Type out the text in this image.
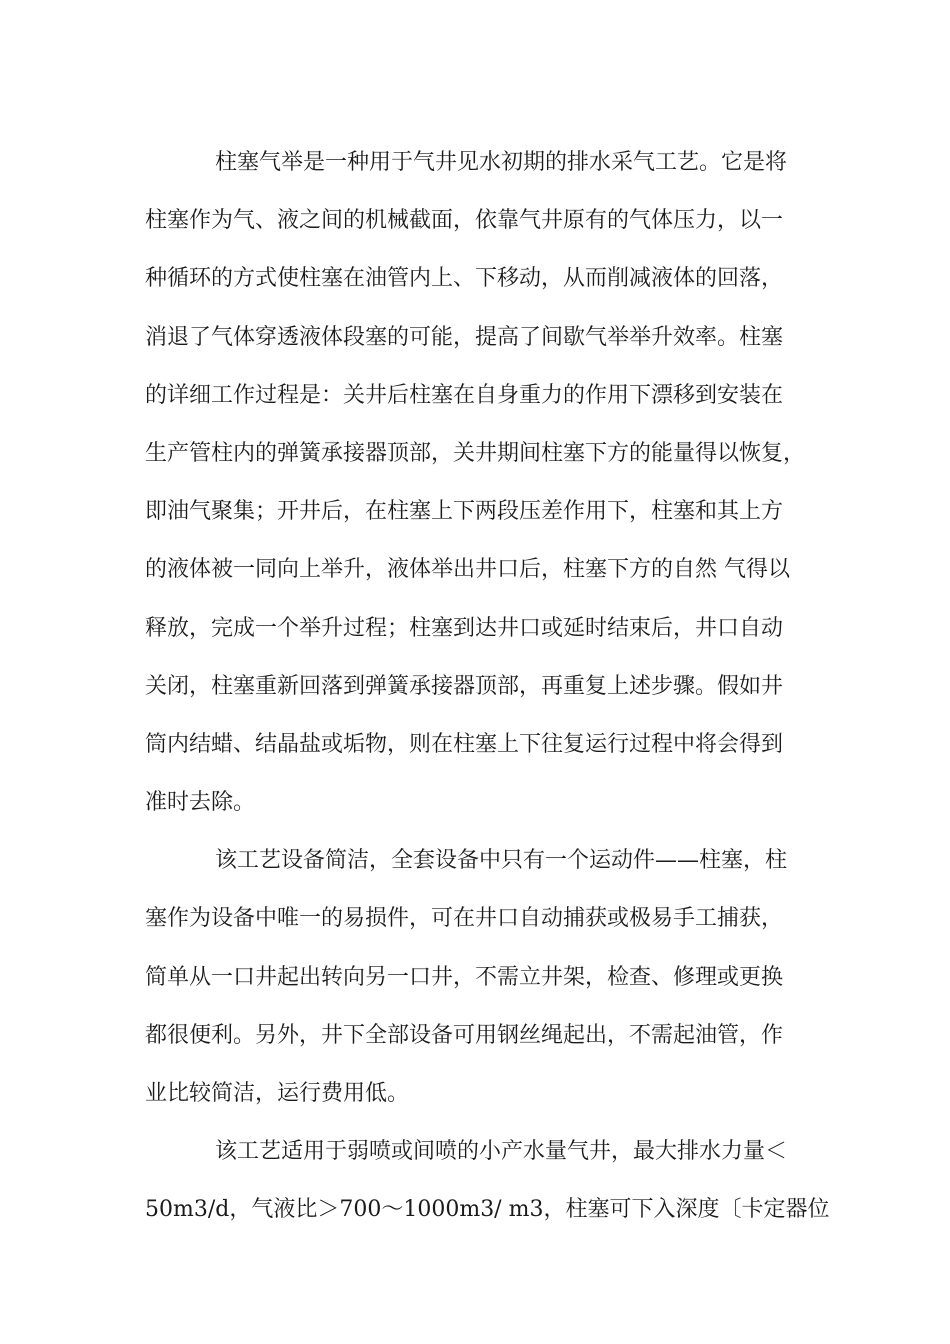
柱塞气举是一种用于气井见水初期的排水采气工艺。它是将
柱塞作为气、液之间的机械截面，依靠气井原有的气体压力，以一
种循环的方式使柱塞在油管内上、下移动，从而削减液体的回落，
消退了气体穿透液体段塞的可能，提高了间歇气举举升效率。柱塞
的详细工作过程是：关井后柱塞在自身重力的作用下漂移到安装在
生产管柱内的弹簧承接器顶部，关井期间柱塞下方的能量得以恢复，
即油气聚集；开井后，在柱塞上下两段压差作用下，柱塞和其上方
的液体被一同向上举升，液体举出井口后，柱塞下方的自然 气得以
释放，完成一个举升过程；柱塞到达井口或延时结束后，井口自动
关闭，柱塞重新回落到弹簧承接器顶部，再重复上述步骤。假如井
筒内结蜡、结晶盐或垢物，则在柱塞上下往复运行过程中将会得到
准时去除。
该工艺设备简洁，全套设备中只有一个运动件——柱塞，柱
塞作为设备中唯一的易损件，可在井口自动捕获或极易手工捕获，
简单从一口井起出转向另一口井，不需立井架，检查、修理或更换
都很便利。另外，井下全部设备可用钢丝绳起出，不需起油管，作
业比较简洁，运行费用低。
该工艺适用于弱喷或间喷的小产水量气井，最大排水力量＜
50m3/d，气液比＞700～1000m3/ m3，柱塞可下入深度〔卡定器位
